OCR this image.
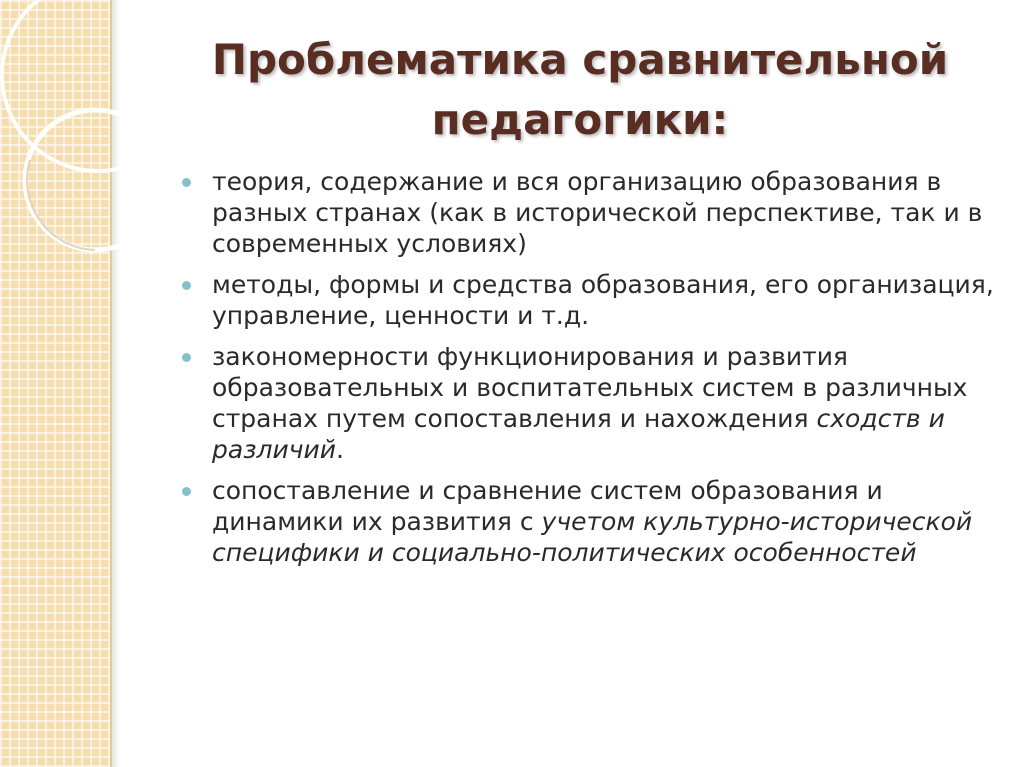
Проблематика сравнительной
педагогики:
теория, содержание и вся организацию образования в разных странах (как в исторической перспективе, так и в современных условиях)
методы, формы и средства образования, его организация, управление, ценности и т.д.
закономерности функционирования и развития образовательных и воспитательных систем в различных странах путем сопоставления и нахождения сходств и различий.
сопоставление и сравнение систем образования и динамики их развития с учетом культурно-исторической специфики и социально-политических особенностей
